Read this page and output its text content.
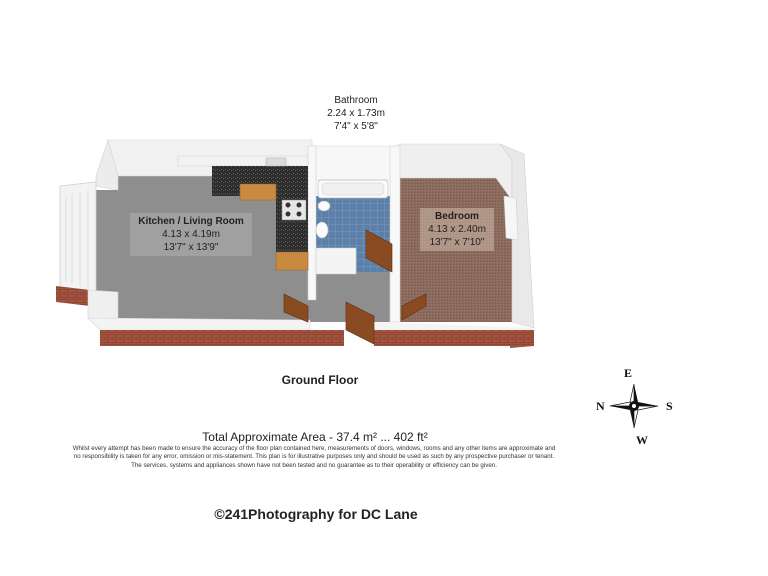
Bathroom
2.24 x 1.73m
7'4" x 5'8"
Kitchen / Living Room
4.13 x 4.19m
13'7" x 13'9"
Bedroom
4.13 x 2.40m
13'7" x 7'10"
Ground Floor	E
N	S
W
Total Approximate Area - 37.4 m² ... 402 ft²
Whilst every attempt has been made to ensure the accuracy of the floor plan contained here, measurements of doors, windows, rooms and any other items are approximate and
no responsibility is taken for any error, omission or mis-statement. This plan is for illustrative purposes only and should be used as such by any prospective purchaser or tenant.
The services, systems and appliances shown have not been tested and no guarantee as to their operability or efficiency can be given.
©241Photography for DC Lane
